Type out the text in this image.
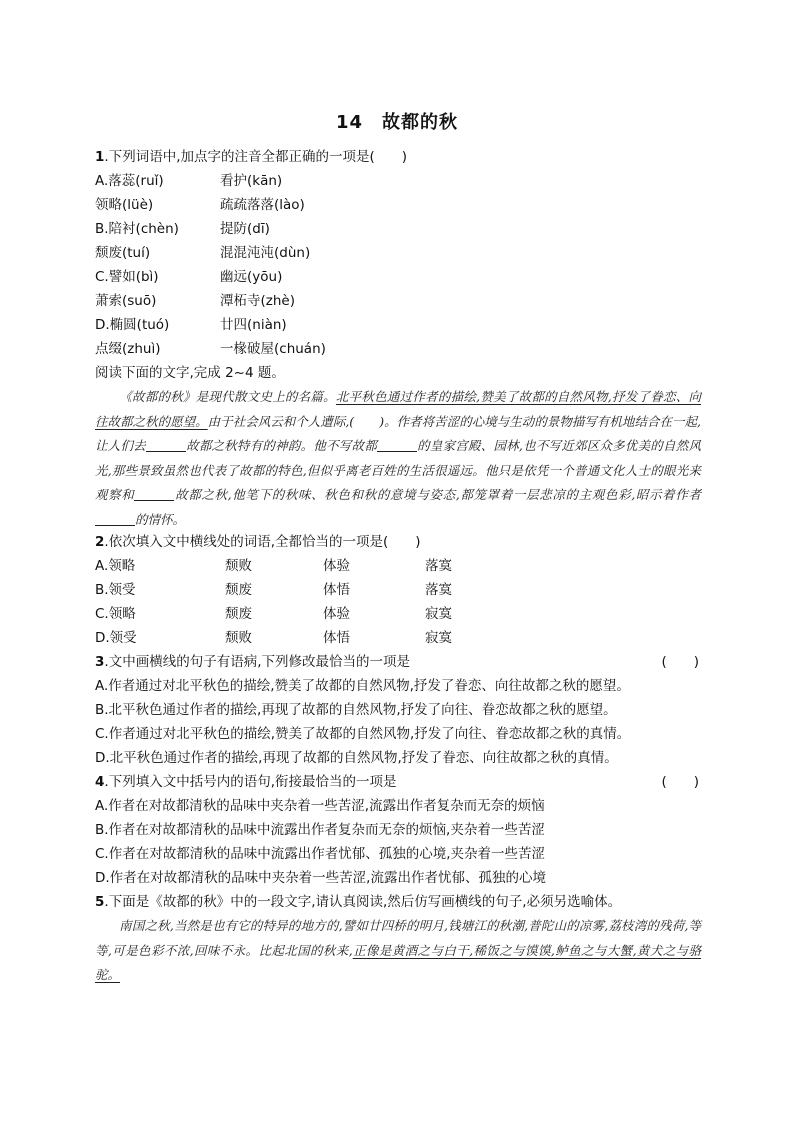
14　故都的秋
1.下列词语中,加点字的注音全都正确的一项是(　　)
A.落蕊(ruǐ)	看护(kān)
领略(lüè)	疏疏落落(lào)
B.陪衬(chèn)	提防(dī)
颓废(tuí)	混混沌沌(dùn)
C.譬如(bì)	幽远(yōu)
萧索(suō)	潭柘寺(zhè)
D.椭圆(tuó)	廿四(niàn)
点缀(zhuì)	一椽破屋(chuán)
阅读下面的文字,完成 2~4 题。
《故都的秋》是现代散文史上的名篇。北平秋色通过作者的描绘,赞美了故都的自然风物,抒发了眷恋、向往故都之秋的愿望。由于社会风云和个人遭际,(　　)。作者将苦涩的心境与生动的景物描写有机地结合在一起,让人们去	故都之秋特有的神韵。他不写故都	的皇家宫殿、园林,也不写近郊区众多优美的自然风光,那些景致虽然也代表了故都的特色,但似乎离老百姓的生活很遥远。他只是依凭一个普通文化人士的眼光来观察和	故都之秋,他笔下的秋味、秋色和秋的意境与姿态,都笼罩着一层悲凉的主观色彩,昭示着作者的情怀。
2.依次填入文中横线处的词语,全都恰当的一项是(　　)
A.领略	颓败	体验	落寞
B.领受	颓废	体悟	落寞
C.领略	颓废	体验	寂寞
D.领受	颓败	体悟	寂寞
3.文中画横线的句子有语病,下列修改最恰当的一项是	(　　)
A.作者通过对北平秋色的描绘,赞美了故都的自然风物,抒发了眷恋、向往故都之秋的愿望。
B.北平秋色通过作者的描绘,再现了故都的自然风物,抒发了向往、眷恋故都之秋的愿望。
C.作者通过对北平秋色的描绘,赞美了故都的自然风物,抒发了向往、眷恋故都之秋的真情。
D.北平秋色通过作者的描绘,再现了故都的自然风物,抒发了眷恋、向往故都之秋的真情。
4.下列填入文中括号内的语句,衔接最恰当的一项是	(　　)
A.作者在对故都清秋的品味中夹杂着一些苦涩,流露出作者复杂而无奈的烦恼
B.作者在对故都清秋的品味中流露出作者复杂而无奈的烦恼,夹杂着一些苦涩
C.作者在对故都清秋的品味中流露出作者忧郁、孤独的心境,夹杂着一些苦涩
D.作者在对故都清秋的品味中夹杂着一些苦涩,流露出作者忧郁、孤独的心境
5.下面是《故都的秋》中的一段文字,请认真阅读,然后仿写画横线的句子,必须另选喻体。
南国之秋,当然是也有它的特异的地方的,譬如廿四桥的明月,钱塘江的秋潮,普陀山的凉雾,荔枝湾的残荷,等等,可是色彩不浓,回味不永。比起北国的秋来,正像是黄酒之与白干,稀饭之与馍馍,鲈鱼之与大蟹,黄犬之与骆驼。
